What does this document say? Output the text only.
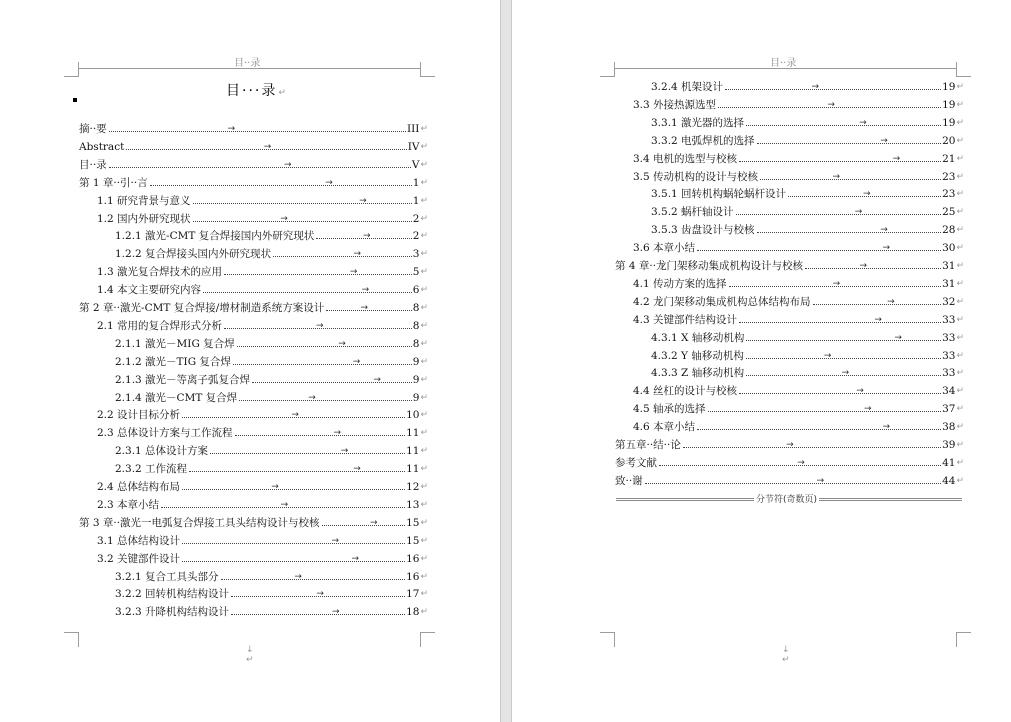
目··录
目···录↵
摘··要	→	III ↵
Abstract	→	IV ↵
目··录	→	V ↵
第 1 章··引··言	→	1 ↵
1.1 研究背景与意义	→	1 ↵
1.2 国内外研究现状	→	2 ↵
1.2.1 激光-CMT 复合焊接国内外研究现状	→	2 ↵
1.2.2 复合焊接头国内外研究现状	→	3 ↵
1.3 激光复合焊技术的应用	→	5 ↵
1.4 本文主要研究内容	→	6 ↵
第 2 章··激光-CMT 复合焊接/增材制造系统方案设计	→	8 ↵
2.1 常用的复合焊形式分析	→	8 ↵
2.1.1 激光－MIG 复合焊	→	8 ↵
2.1.2 激光－TIG 复合焊	→	9 ↵
2.1.3 激光－等离子弧复合焊	→	9 ↵
2.1.4 激光－CMT 复合焊	→	9 ↵
2.2 设计目标分析	→	10 ↵
2.3 总体设计方案与工作流程	→	11 ↵
2.3.1 总体设计方案	→	11 ↵
2.3.2 工作流程	→	11 ↵
2.4 总体结构布局	→	12 ↵
2.3 本章小结	→	13 ↵
第 3 章··激光一电弧复合焊接工具头结构设计与校核	→	15 ↵
3.1 总体结构设计	→	15 ↵
3.2 关键部件设计	→	16 ↵
3.2.1 复合工具头部分	→	16 ↵
3.2.2 回转机构结构设计	→	17 ↵
3.2.3 升降机构结构设计	→	18 ↵
↓
↵
目··录
3.2.4 机架设计	→	19 ↵
3.3 外接热源选型	→	19 ↵
3.3.1 激光器的选择	→	19 ↵
3.3.2 电弧焊机的选择	→	20 ↵
3.4 电机的选型与校核	→	21 ↵
3.5 传动机构的设计与校核	→	23 ↵
3.5.1 回转机构蜗轮蜗杆设计	→	23 ↵
3.5.2 蜗杆轴设计	→	25 ↵
3.5.3 齿盘设计与校核	→	28 ↵
3.6 本章小结	→	30 ↵
第 4 章··龙门架移动集成机构设计与校核	→	31 ↵
4.1 传动方案的选择	→	31 ↵
4.2 龙门架移动集成机构总体结构布局	→	32 ↵
4.3 关键部件结构设计	→	33 ↵
4.3.1 X 轴移动机构	→	33 ↵
4.3.2 Y 轴移动机构	→	33 ↵
4.3.3 Z 轴移动机构	→	33 ↵
4.4 丝杠的设计与校核	→	34 ↵
4.5 轴承的选择	→	37 ↵
4.6 本章小结	→	38 ↵
第五章··结··论	→	39 ↵
参考文献	→	41 ↵
致··谢	→	44 ↵
分节符(奇数页)
↓
↵
